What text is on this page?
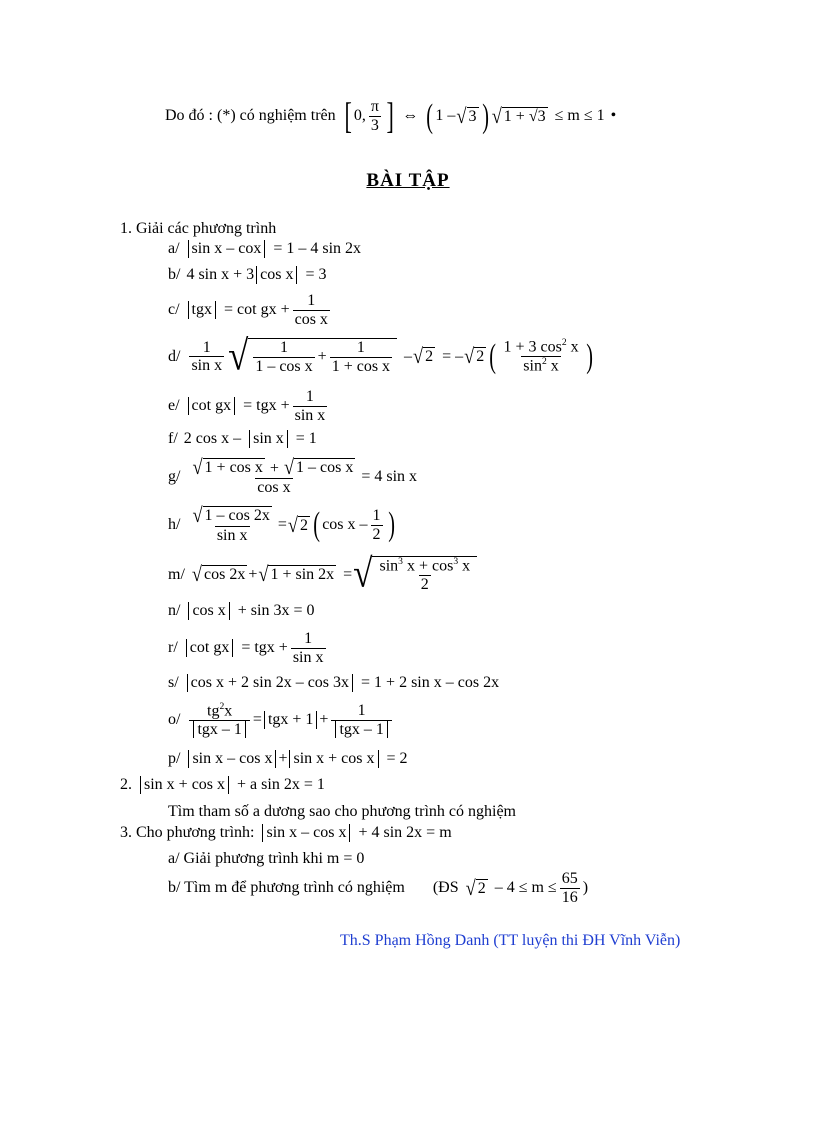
Do đó : (*) có nghiệm trên [ 0, $\frac{\pi}{3}$ ] ⇔ ( 1 – √ 3 ) √ 1 + √3 ≤ m ≤ 1 •
BÀI TẬP
1. Giải các phương trình
a/ sin x – cox = 1 – 4 sin 2x
b/ 4 sin x + 3 cos x = 3
c/ tgx = cot gx + $\frac{1}{\text{cos x}}$
$d/ \frac{1}{\text{sin x}}$ √ $\frac{1}{\text{1 – cos x}} + \frac{1}{\text{1 + cos x}}$ – √ 2 = – √ 2 ( $\frac{1 + 3 \cos^2 x}{\sin^2 x}$ )
e/ cot gx = tgx + $\frac{1}{\text{sin x}}$
f/ 2 cos x – sin x = 1
$g/ \frac{\text{√ 1 + cos x + √ 1 – cos x}}{\text{cos x}} = 4$ sin x
$h/ \frac{√ 1 - \cos 2x}{\text{sin x}}$ = √ 2 ( cos x – $\frac{1}{2}$ )
m/ √ cos 2x + √ 1 + sin 2x = √ $\frac{\sin^3 x + \cos^3 x}{2}$
n/ cos x + sin 3x = 0
r/ cot gx = tgx + $\frac{1}{\text{sin x}}$
s/ cos x + 2 sin 2x – cos 3x = 1 + 2 sin x – cos 2x
$o/ \frac{tg^2x}{\text{tgx – 1}}$ = tgx + $1 + \frac{1}{\text{tgx – 1}}$
p/ sin x – cos x + sin x + cos x = 2
2. sin x + cos x + a sin 2x = 1
Tìm tham số a dương sao cho phương trình có nghiệm
3. Cho phương trình: sin x – cos x + 4 sin 2x = m
a/ Giải phương trình khi m = 0
b/ Tìm m để phương trình có nghiệm (ĐS √ $2 - 4 \le m \le \frac{65}{16}$ )
Th.S Phạm Hồng Danh (TT luyện thi ĐH Vĩnh Viễn)
